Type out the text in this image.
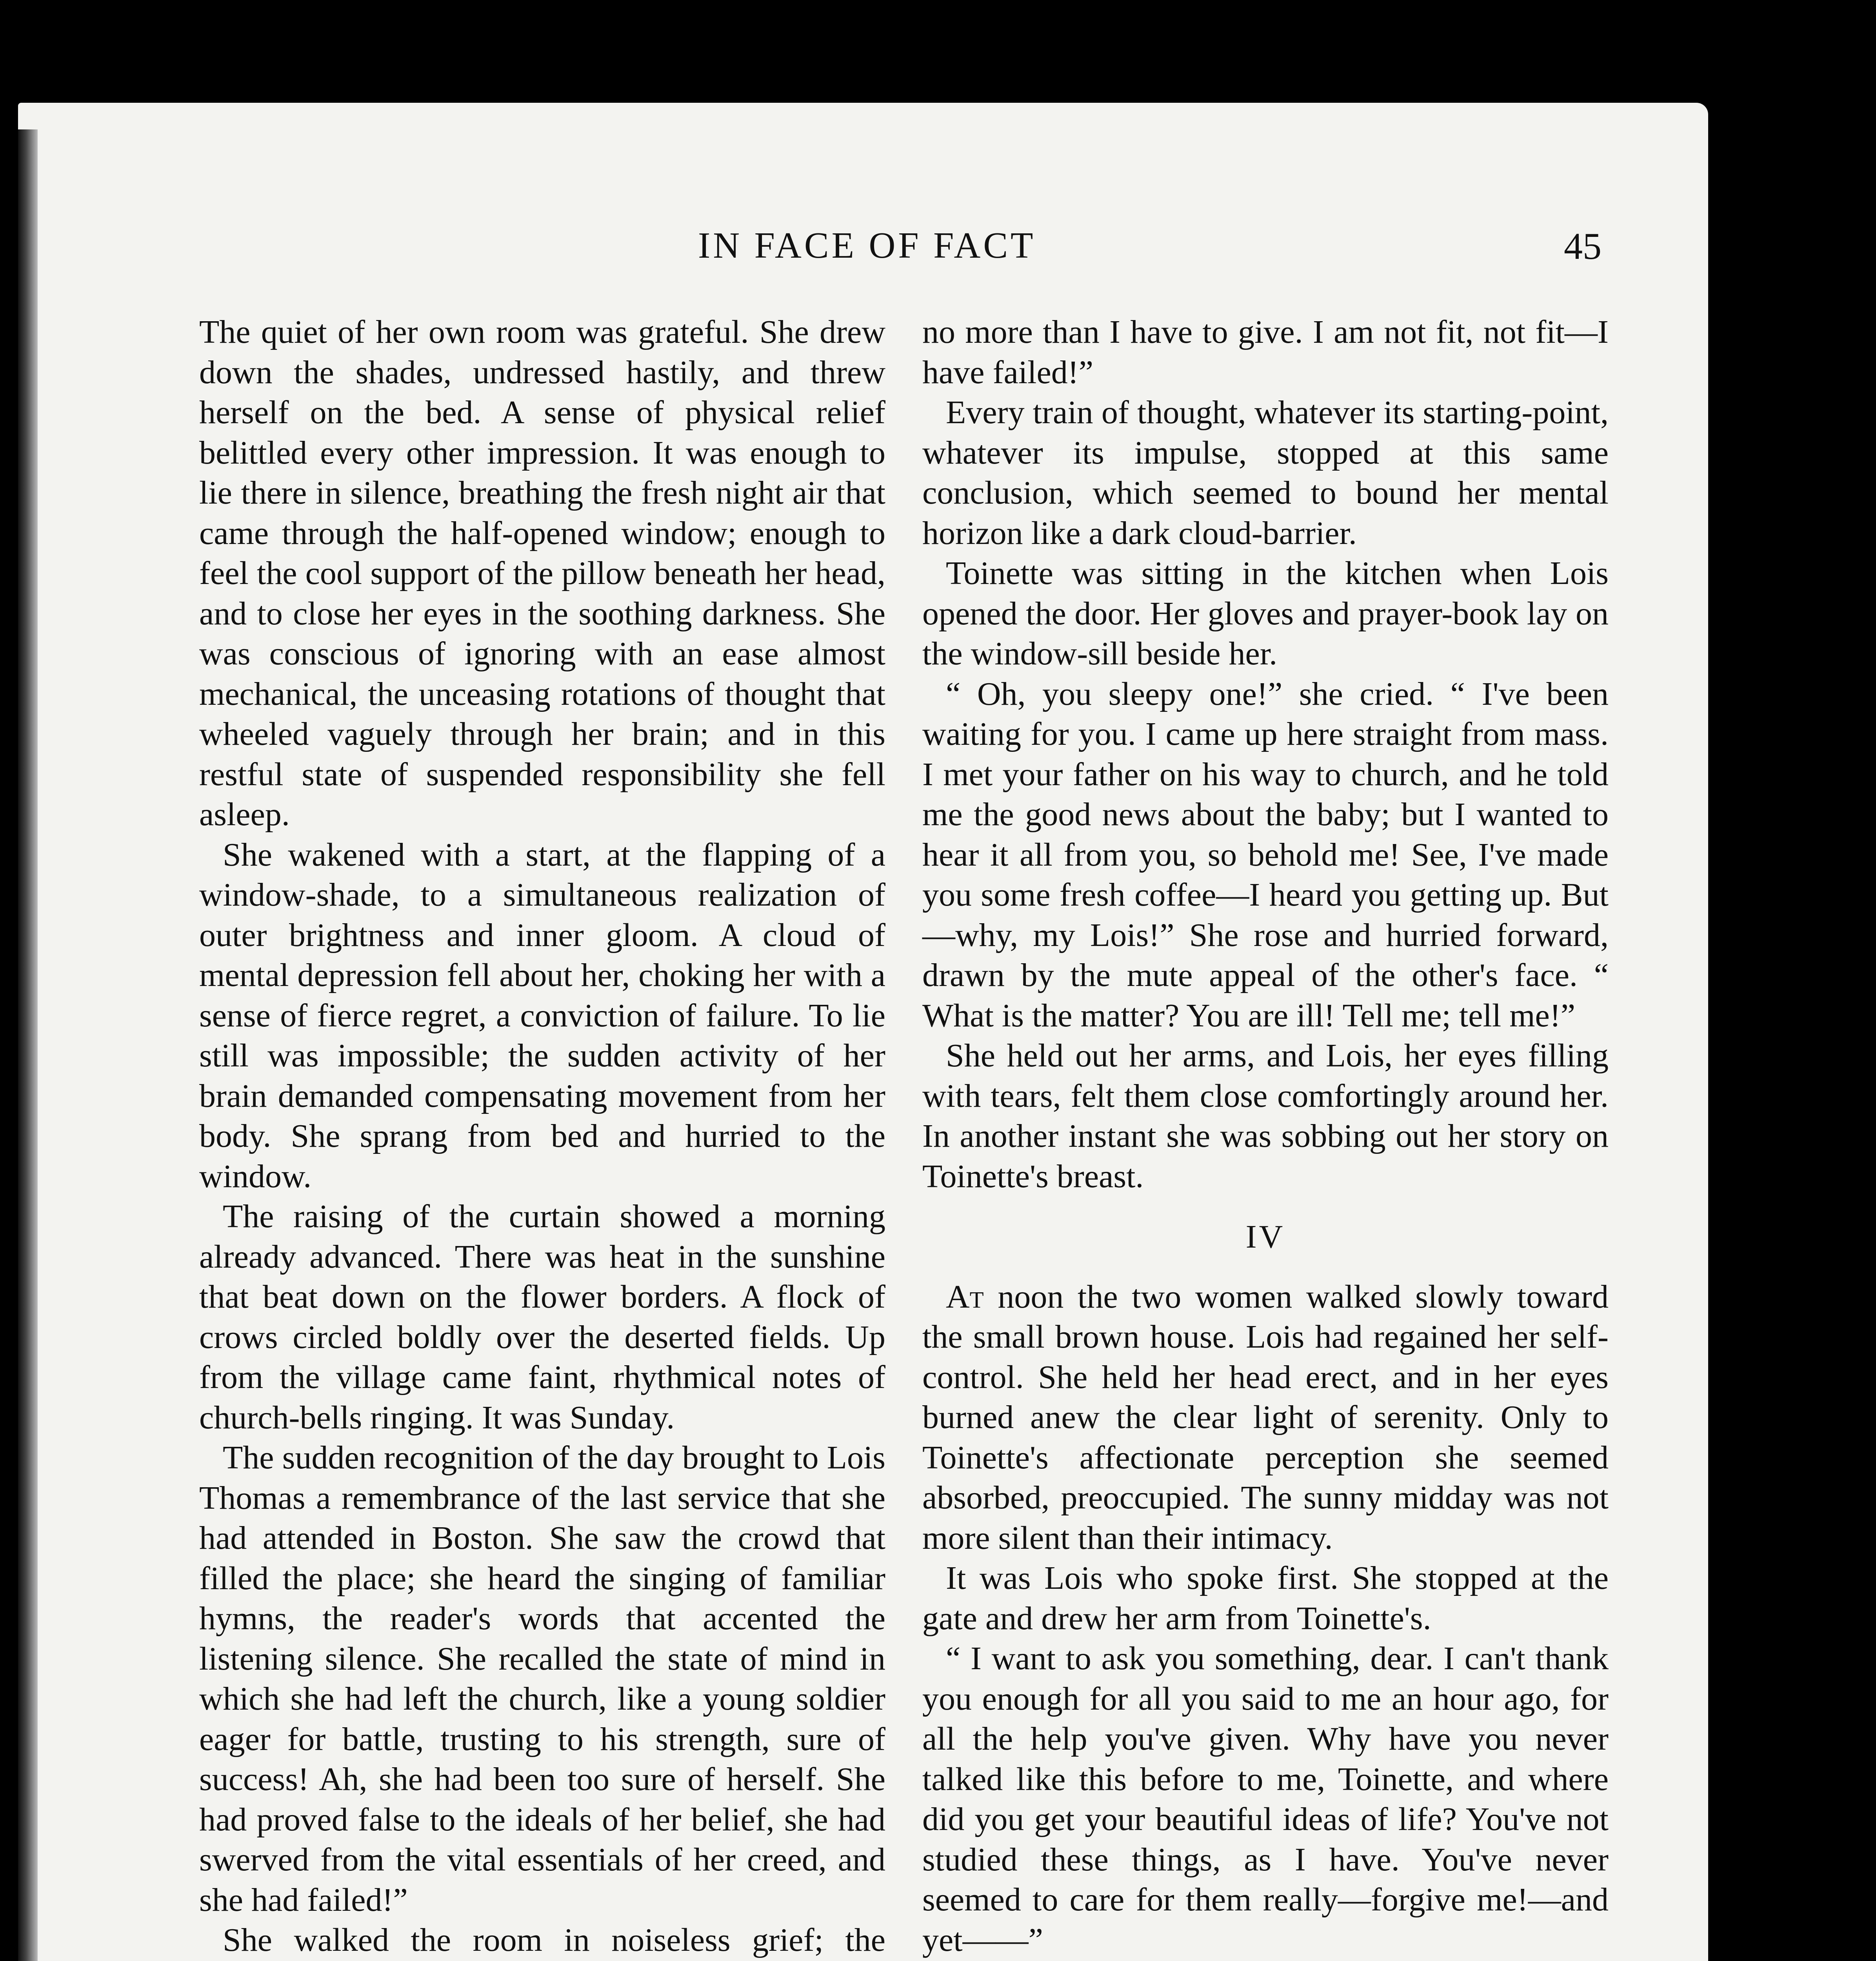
IN FACE OF FACT	45

The quiet of her own room was grateful. She drew down the shades, undressed hastily, and threw herself on the bed. A sense of physical relief belittled every other impression. It was enough to lie there in silence, breathing the fresh night air that came through the half-opened window; enough to feel the cool support of the pillow beneath her head, and to close her eyes in the soothing darkness. She was conscious of ignoring with an ease almost mechanical, the unceasing rotations of thought that wheeled vaguely through her brain; and in this restful state of suspended responsibility she fell asleep.

She wakened with a start, at the flapping of a window-shade, to a simultaneous realization of outer brightness and inner gloom. A cloud of mental depression fell about her, choking her with a sense of fierce regret, a conviction of failure. To lie still was impossible; the sudden activity of her brain demanded compensating movement from her body. She sprang from bed and hurried to the window.

The raising of the curtain showed a morning already advanced. There was heat in the sunshine that beat down on the flower borders. A flock of crows circled boldly over the deserted fields. Up from the village came faint, rhythmical notes of church-bells ringing. It was Sunday.

The sudden recognition of the day brought to Lois Thomas a remembrance of the last service that she had attended in Boston. She saw the crowd that filled the place; she heard the singing of familiar hymns, the reader's words that accented the listening silence. She recalled the state of mind in which she had left the church, like a young soldier eager for battle, trusting to his strength, sure of success! Ah, she had been too sure of herself. She had proved false to the ideals of her belief, she had swerved from the vital essentials of her creed, and she had failed!”

She walked the room in noiseless grief; the

no more than I have to give. I am not fit, not fit—I have failed!”

Every train of thought, whatever its starting-point, whatever its impulse, stopped at this same conclusion, which seemed to bound her mental horizon like a dark cloud-barrier.

Toinette was sitting in the kitchen when Lois opened the door. Her gloves and prayer-book lay on the window-sill beside her.

“ Oh, you sleepy one!” she cried. “ I've been waiting for you. I came up here straight from mass. I met your father on his way to church, and he told me the good news about the baby; but I wanted to hear it all from you, so behold me! See, I've made you some fresh coffee—I heard you getting up. But—why, my Lois!” She rose and hurried forward, drawn by the mute appeal of the other's face. “ What is the matter? You are ill! Tell me; tell me!”

She held out her arms, and Lois, her eyes filling with tears, felt them close comfortingly around her. In another instant she was sobbing out her story on Toinette's breast.

IV

At noon the two women walked slowly toward the small brown house. Lois had regained her self-control. She held her head erect, and in her eyes burned anew the clear light of serenity. Only to Toinette's affectionate perception she seemed absorbed, preoccupied. The sunny midday was not more silent than their intimacy.

It was Lois who spoke first. She stopped at the gate and drew her arm from Toinette's.

“ I want to ask you something, dear. I can't thank you enough for all you said to me an hour ago, for all the help you've given. Why have you never talked like this before to me, Toinette, and where did you get your beautiful ideas of life? You've not studied these things, as I have. You've never seemed to care for them really—forgive me!—and yet——”
